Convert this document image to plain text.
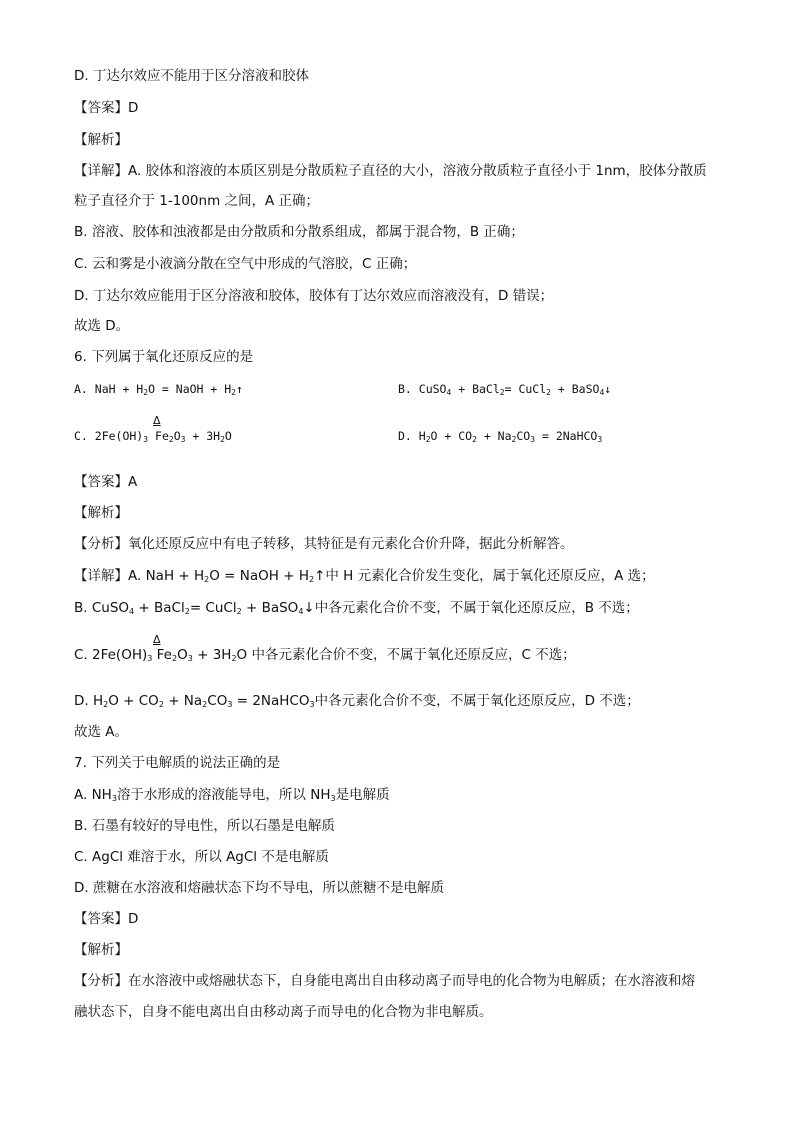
D. 丁达尔效应不能用于区分溶液和胶体
【答案】D
【解析】
【详解】A. 胶体和溶液的本质区别是分散质粒子直径的大小，溶液分散质粒子直径小于 1nm，胶体分散质
粒子直径介于 1-100nm 之间，A 正确；
B. 溶液、胶体和浊液都是由分散质和分散系组成，都属于混合物，B 正确；
C. 云和雾是小液滴分散在空气中形成的气溶胶，C 正确；
D. 丁达尔效应能用于区分溶液和胶体，胶体有丁达尔效应而溶液没有，D 错误；
故选 D。
6. 下列属于氧化还原反应的是
A. NaH + $H_2O$ = NaOH + $H_2↑$	B. CuSO$_4$ + BaCl$_2$= CuCl$_2$ + BaSO$_4$↓
Δ
C. $2Fe(OH)_3$ $Fe_2O_3 + 3H_2O$	D. $H_2O + CO_2 + Na_2CO_3$ = 2NaHCO$_3$
【答案】A
【解析】
【分析】氧化还原反应中有电子转移，其特征是有元素化合价升降，据此分析解答。
【详解】A. NaH + $H_2O$ = NaOH + $H_2↑$中 H 元素化合价发生变化，属于氧化还原反应，A 选；
B. CuSO$_4$ + BaCl$_2$= CuCl$_2$ + BaSO$_4$↓中各元素化合价不变，不属于氧化还原反应，B 不选；
Δ
C. $2Fe(OH)_3$ $Fe_2O_3 + 3H_2O$ 中各元素化合价不变，不属于氧化还原反应，C 不选；
D. $H_2O + CO_2 + Na_2CO_3$ = 2NaHCO$_3$中各元素化合价不变，不属于氧化还原反应，D 不选；
故选 A。
7. 下列关于电解质的说法正确的是
A. $NH_3$溶于水形成的溶液能导电，所以 $NH_3$是电解质
B. 石墨有较好的导电性，所以石墨是电解质
C. AgCl 难溶于水，所以 AgCl 不是电解质
D. 蔗糖在水溶液和熔融状态下均不导电，所以蔗糖不是电解质
【答案】D
【解析】
【分析】在水溶液中或熔融状态下，自身能电离出自由移动离子而导电的化合物为电解质；在水溶液和熔
融状态下，自身不能电离出自由移动离子而导电的化合物为非电解质。
